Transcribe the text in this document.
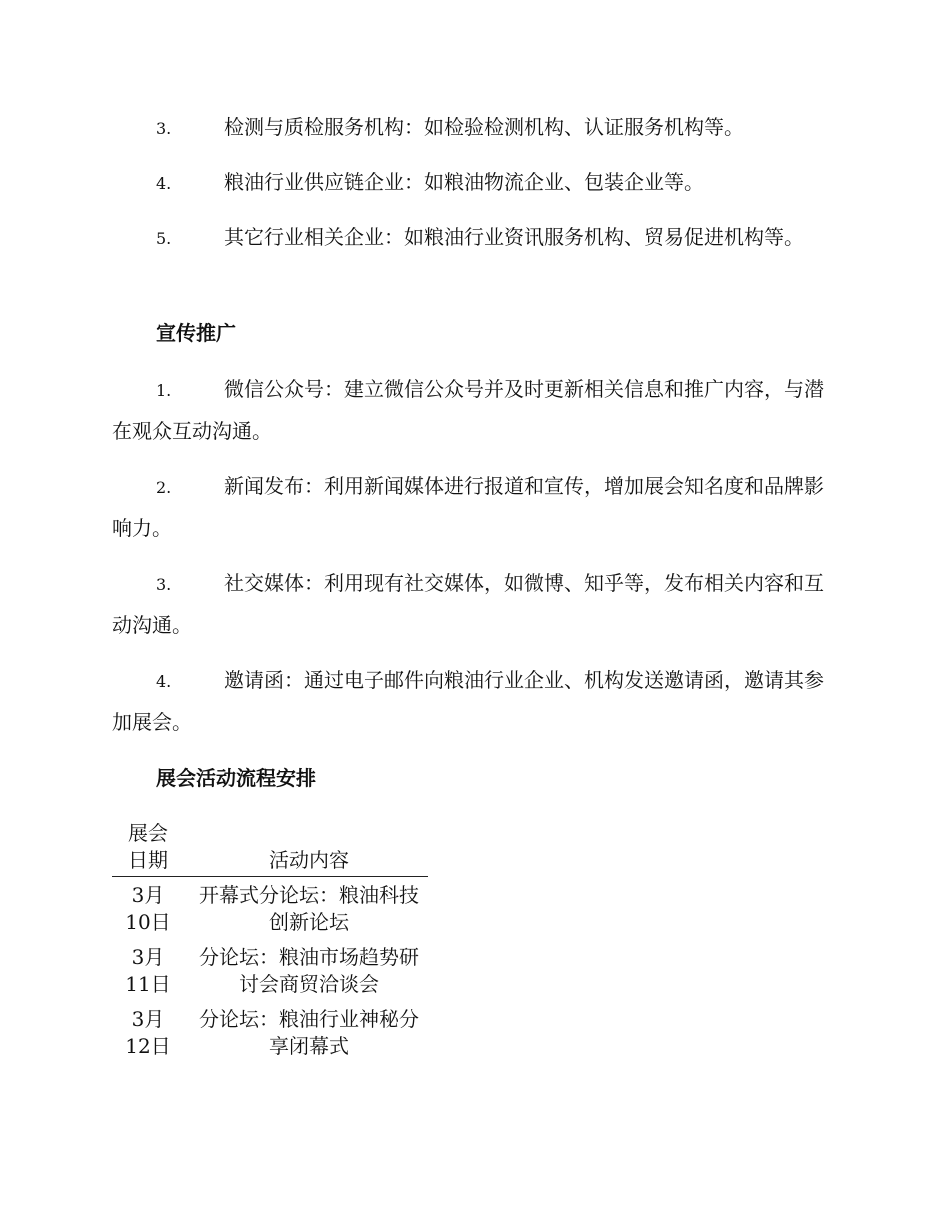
3.	检测与质检服务机构：如检验检测机构、认证服务机构等。

4.	粮油行业供应链企业：如粮油物流企业、包装企业等。

5.	其它行业相关企业：如粮油行业资讯服务机构、贸易促进机构等。

宣传推广

1.	微信公众号：建立微信公众号并及时更新相关信息和推广内容，与潜在观众互动沟通。

2.	新闻发布：利用新闻媒体进行报道和宣传，增加展会知名度和品牌影响力。

3.	社交媒体：利用现有社交媒体，如微博、知乎等，发布相关内容和互动沟通。

4.	邀请函：通过电子邮件向粮油行业企业、机构发送邀请函，邀请其参加展会。

展会活动流程安排
展会日期	活动内容

3月10日	开幕式分论坛：粮油科技创新论坛

3月11日	分论坛：粮油市场趋势研讨会商贸洽谈会

3月12日	分论坛：粮油行业神秘分享闭幕式
